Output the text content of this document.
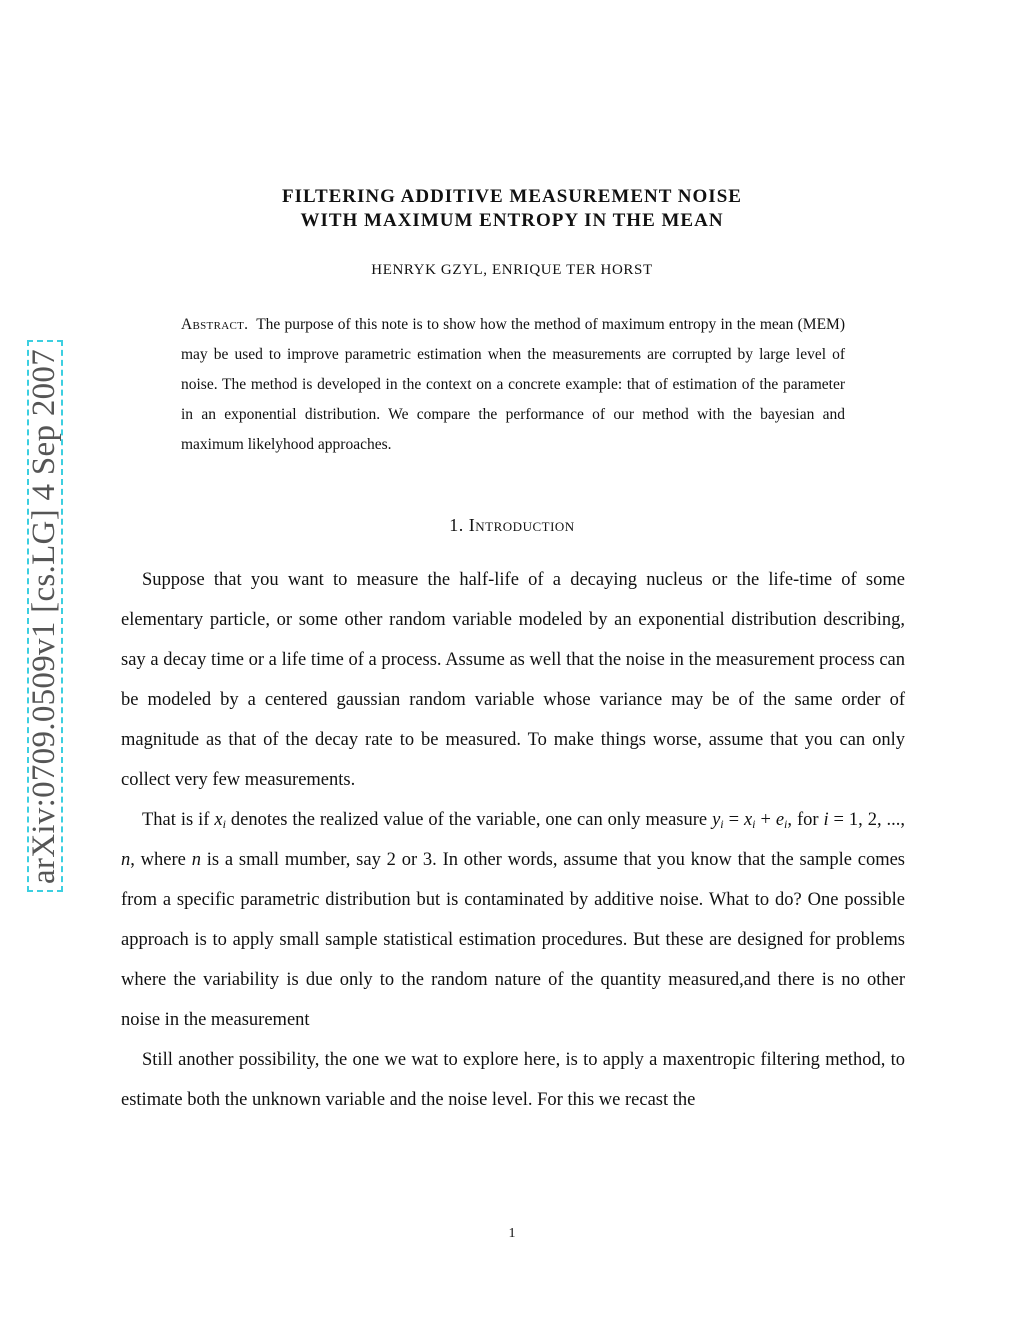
arXiv:0709.0509v1 [cs.LG] 4 Sep 2007
FILTERING ADDITIVE MEASUREMENT NOISE
WITH MAXIMUM ENTROPY IN THE MEAN
HENRYK GZYL, ENRIQUE TER HORST
Abstract. The purpose of this note is to show how the method of maximum entropy in the mean (MEM) may be used to improve parametric estimation when the measurements are corrupted by large level of noise. The method is developed in the context on a concrete example: that of estimation of the parameter in an exponential distribution. We compare the performance of our method with the bayesian and maximum likelyhood approaches.
1. Introduction

Suppose that you want to measure the half-life of a decaying nucleus or the life-time of some elementary particle, or some other random variable modeled by an exponential distribution describing, say a decay time or a life time of a process. Assume as well that the noise in the measurement process can be modeled by a centered gaussian random variable whose variance may be of the same order of magnitude as that of the decay rate to be measured. To make things worse, assume that you can only collect very few measurements.

That is if $x_i$ denotes the realized value of the variable, one can only measure $y_i = x_i + e_i$, for i = 1, 2, ..., n, where n is a small mumber, say 2 or 3. In other words, assume that you know that the sample comes from a specific parametric distribution but is contaminated by additive noise. What to do? One possible approach is to apply small sample statistical estimation procedures. But these are designed for problems where the variability is due only to the random nature of the quantity measured,and there is no other noise in the measurement

Still another possibility, the one we wat to explore here, is to apply a maxentropic filtering method, to estimate both the unknown variable and the noise level. For this we recast the

1
